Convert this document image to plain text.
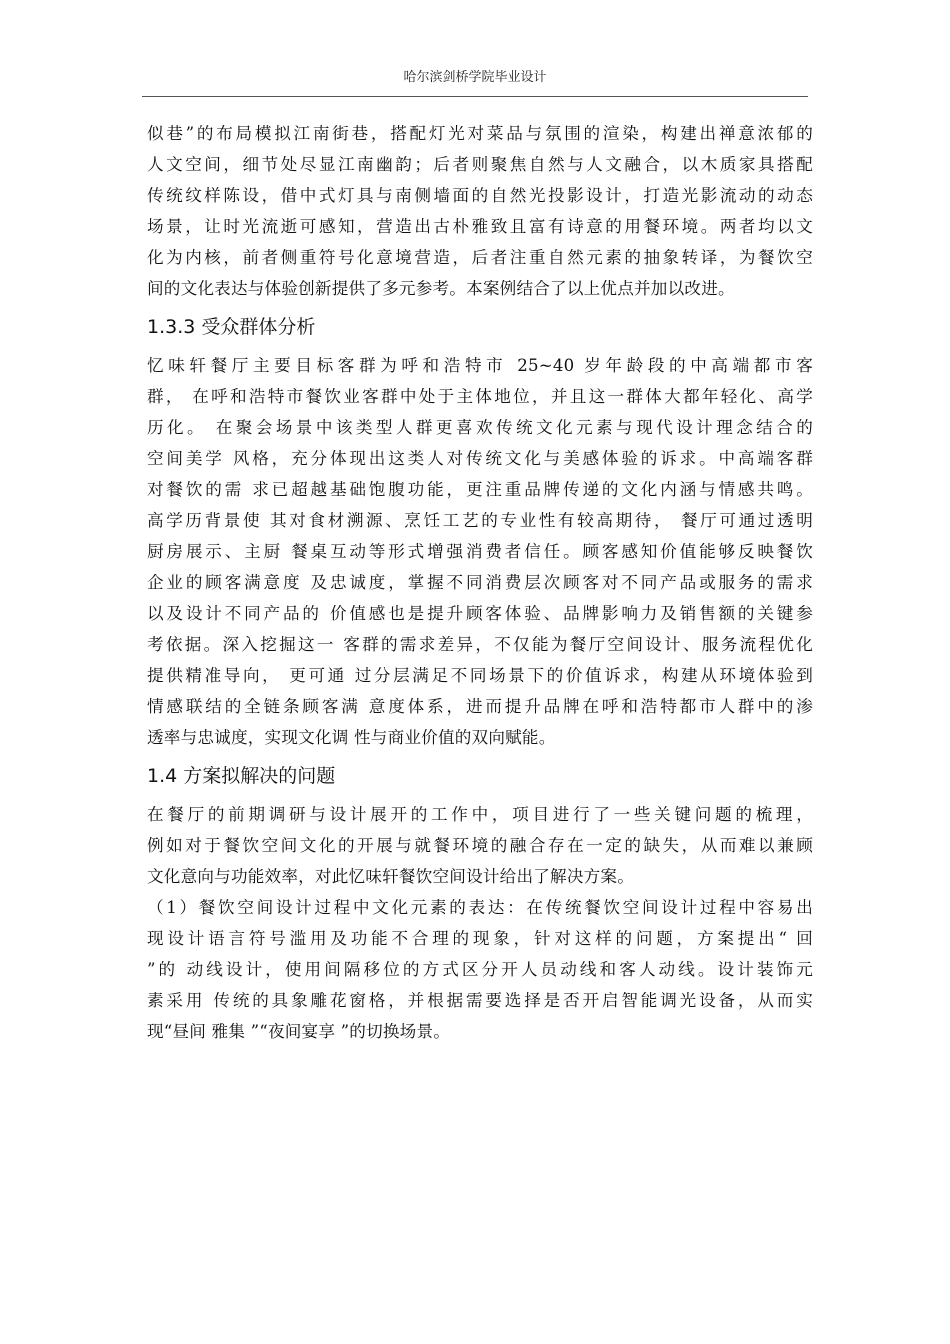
哈尔滨剑桥学院毕业设计
似巷”的布局模拟江南街巷，搭配灯光对菜品与氛围的渲染，构建出禅意浓郁的
人文空间，细节处尽显江南幽韵；后者则聚焦自然与人文融合，以木质家具搭配
传统纹样陈设，借中式灯具与南侧墙面的自然光投影设计，打造光影流动的动态
场景，让时光流逝可感知，营造出古朴雅致且富有诗意的用餐环境。两者均以文
化为内核，前者侧重符号化意境营造，后者注重自然元素的抽象转译，为餐饮空
间的文化表达与体验创新提供了多元参考。本案例结合了以上优点并加以改进。
1.3.3 受众群体分析
忆味轩餐厅主要目标客群为呼和浩特市 25~40 岁年龄段的中高端都市客
群， 在呼和浩特市餐饮业客群中处于主体地位，并且这一群体大都年轻化、高学
历化。 在聚会场景中该类型人群更喜欢传统文化元素与现代设计理念结合的
空间美学 风格，充分体现出这类人对传统文化与美感体验的诉求。中高端客群
对餐饮的需 求已超越基础饱腹功能，更注重品牌传递的文化内涵与情感共鸣。
高学历背景使 其对食材溯源、烹饪工艺的专业性有较高期待， 餐厅可通过透明
厨房展示、主厨 餐桌互动等形式增强消费者信任。顾客感知价值能够反映餐饮
企业的顾客满意度 及忠诚度，掌握不同消费层次顾客对不同产品或服务的需求
以及设计不同产品的 价值感也是提升顾客体验、品牌影响力及销售额的关键参
考依据。深入挖掘这一 客群的需求差异，不仅能为餐厅空间设计、服务流程优化
提供精准导向， 更可通 过分层满足不同场景下的价值诉求，构建从环境体验到
情感联结的全链条顾客满 意度体系，进而提升品牌在呼和浩特都市人群中的渗
透率与忠诚度，实现文化调 性与商业价值的双向赋能。
1.4 方案拟解决的问题
在餐厅的前期调研与设计展开的工作中，项目进行了一些关键问题的梳理，
例如对于餐饮空间文化的开展与就餐环境的融合存在一定的缺失，从而难以兼顾
文化意向与功能效率，对此忆味轩餐饮空间设计给出了解决方案。
（1）餐饮空间设计过程中文化元素的表达：在传统餐饮空间设计过程中容易出
现设计语言符号滥用及功能不合理的现象，针对这样的问题，方案提出“ 回
”的 动线设计，使用间隔移位的方式区分开人员动线和客人动线。设计装饰元
素采用 传统的具象雕花窗格，并根据需要选择是否开启智能调光设备，从而实
现“昼间 雅集 ”“夜间宴享 ”的切换场景。
